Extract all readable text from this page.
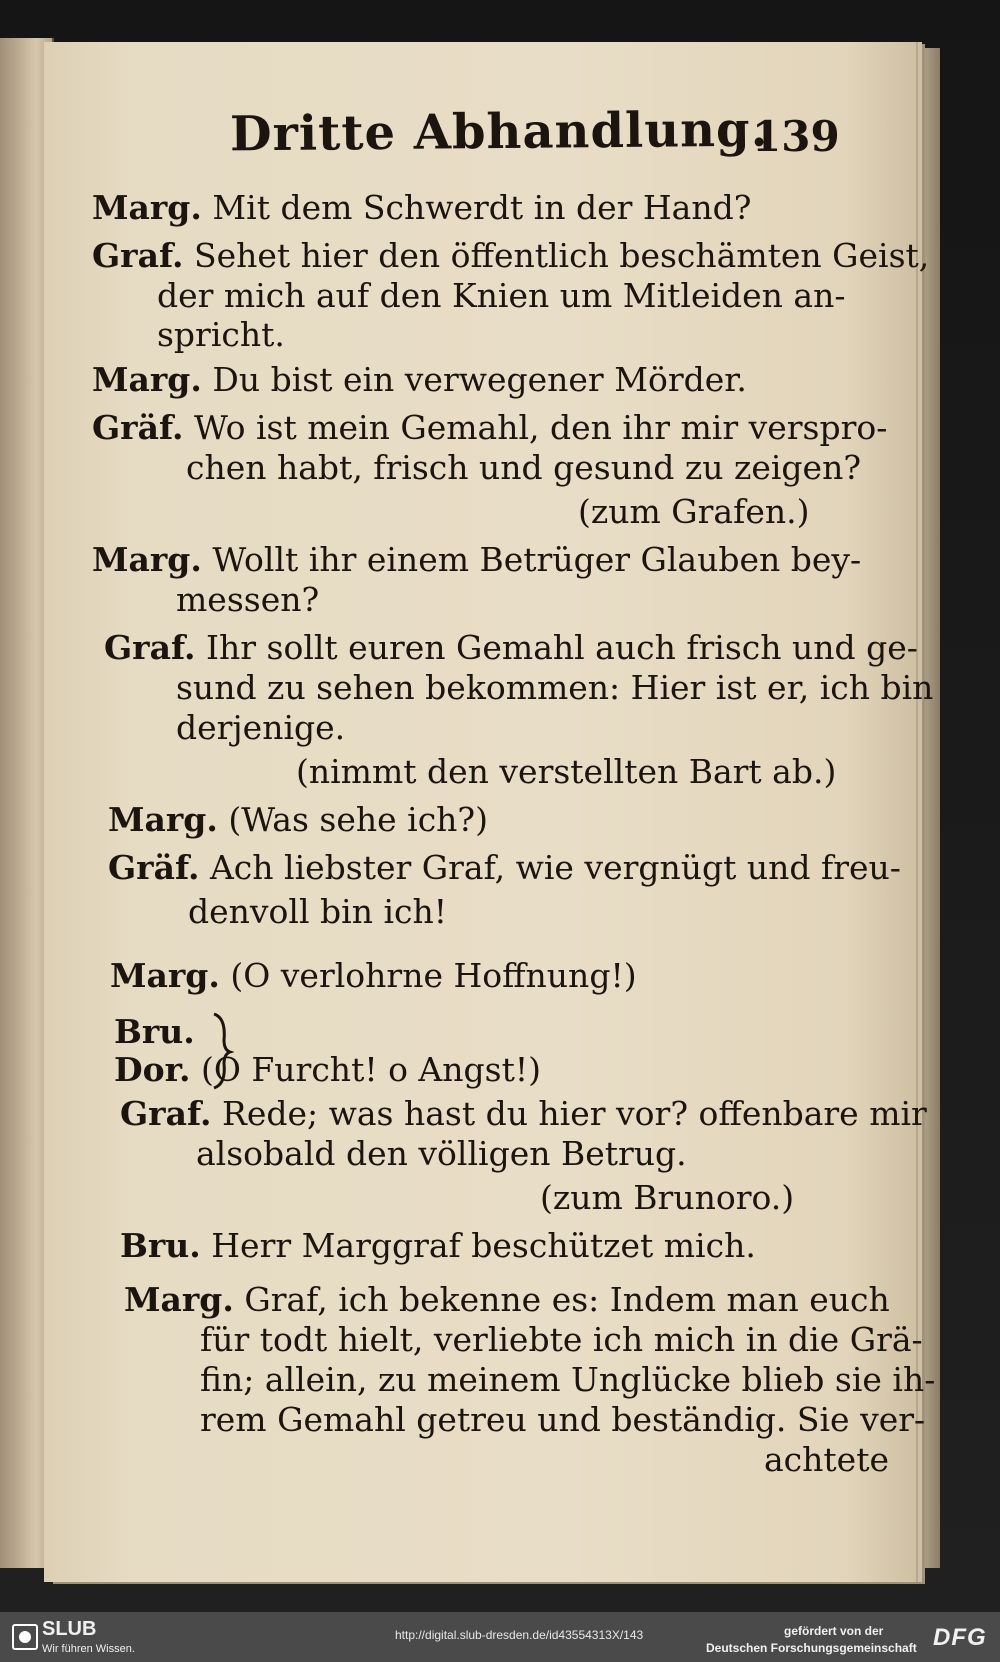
Dritte Abhandlung.
139
Marg. Mit dem Schwerdt in der Hand?
Graf. Sehet hier den öffentlich beschämten Geist,
der mich auf den Knien um Mitleiden an-
spricht.
Marg. Du bist ein verwegener Mörder.
Gräf. Wo ist mein Gemahl, den ihr mir verspro-
chen habt, frisch und gesund zu zeigen?
(zum Grafen.)
Marg. Wollt ihr einem Betrüger Glauben bey-
messen?
Graf. Ihr sollt euren Gemahl auch frisch und ge-
sund zu sehen bekommen: Hier ist er, ich bin
derjenige.
(nimmt den verstellten Bart ab.)
Marg. (Was sehe ich?)
Gräf. Ach liebster Graf, wie vergnügt und freu-
denvoll bin ich!
Marg. (O verlohrne Hoffnung!)
Bru.
Dor. (O Furcht! o Angst!)
Graf. Rede; was hast du hier vor? offenbare mir
alsobald den völligen Betrug.
(zum Brunoro.)
Bru. Herr Marggraf beschützet mich.
Marg. Graf, ich bekenne es: Indem man euch
für todt hielt, verliebte ich mich in die Grä-
fin; allein, zu meinem Unglücke blieb sie ih-
rem Gemahl getreu und beständig. Sie ver-
achtete
SLUB
Wir führen Wissen.
http://digital.slub-dresden.de/id43554313X/143	gefördert von der
Deutschen Forschungsgemeinschaft DFG
